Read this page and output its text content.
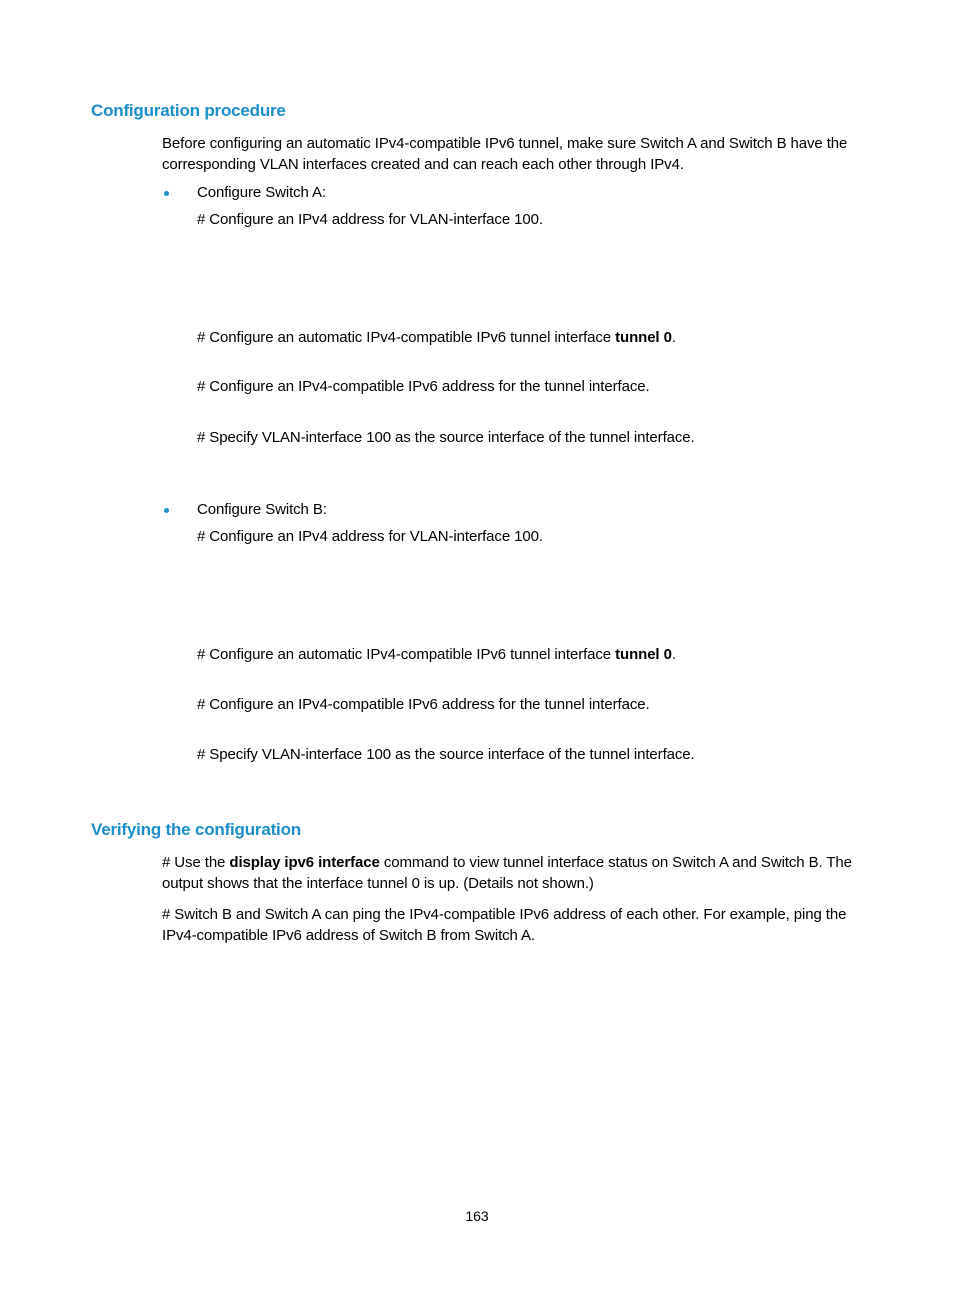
Configuration procedure
Before configuring an automatic IPv4-compatible IPv6 tunnel, make sure Switch A and Switch B have the
corresponding VLAN interfaces created and can reach each other through IPv4.
Configure Switch A:
# Configure an IPv4 address for VLAN-interface 100.
# Configure an automatic IPv4-compatible IPv6 tunnel interface tunnel 0.
# Configure an IPv4-compatible IPv6 address for the tunnel interface.
# Specify VLAN-interface 100 as the source interface of the tunnel interface.
Configure Switch B:
# Configure an IPv4 address for VLAN-interface 100.
# Configure an automatic IPv4-compatible IPv6 tunnel interface tunnel 0.
# Configure an IPv4-compatible IPv6 address for the tunnel interface.
# Specify VLAN-interface 100 as the source interface of the tunnel interface.
Verifying the configuration
# Use the display ipv6 interface command to view tunnel interface status on Switch A and Switch B. The
output shows that the interface tunnel 0 is up. (Details not shown.)
# Switch B and Switch A can ping the IPv4-compatible IPv6 address of each other. For example, ping the
IPv4-compatible IPv6 address of Switch B from Switch A.
163
